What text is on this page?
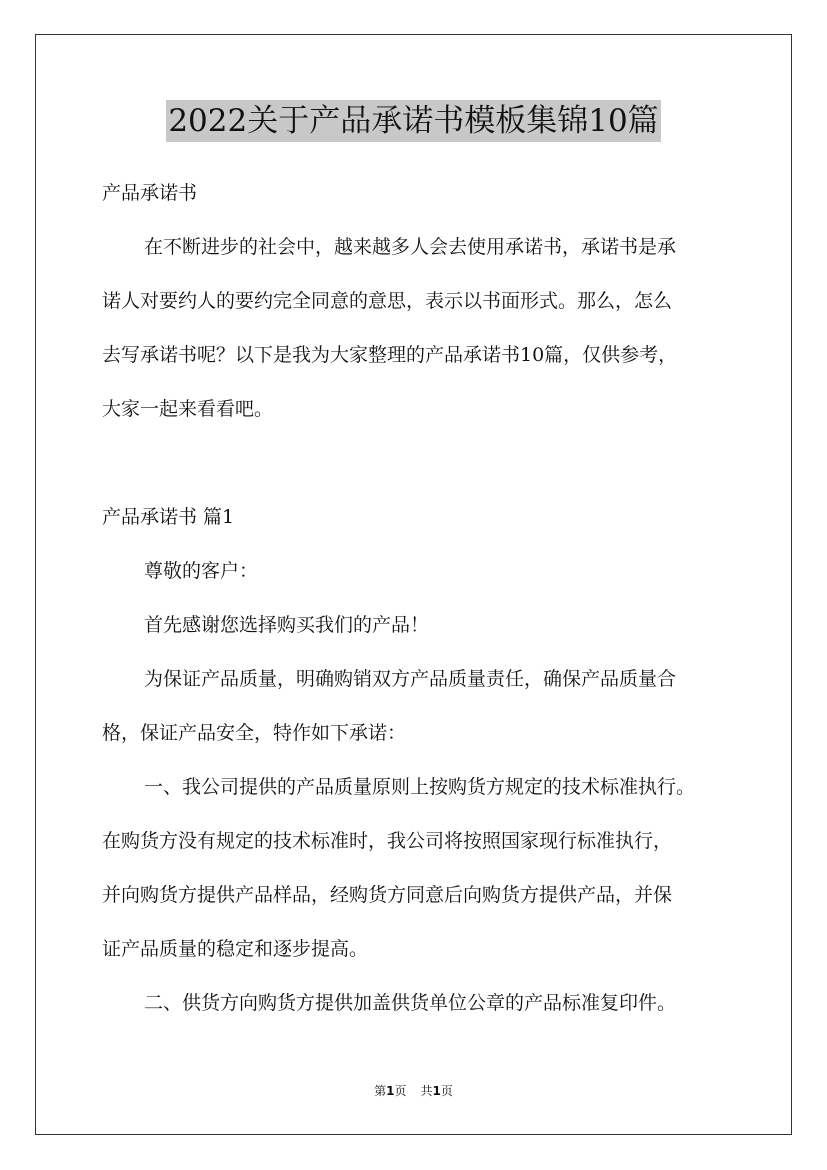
2022关于产品承诺书模板集锦10篇

产品承诺书

在不断进步的社会中，越来越多人会去使用承诺书，承诺书是承

诺人对要约人的要约完全同意的意思，表示以书面形式。那么，怎么

去写承诺书呢？以下是我为大家整理的产品承诺书10篇，仅供参考，

大家一起来看看吧。

产品承诺书 篇1

尊敬的客户：

首先感谢您选择购买我们的产品！

为保证产品质量，明确购销双方产品质量责任，确保产品质量合

格，保证产品安全，特作如下承诺：

一、我公司提供的产品质量原则上按购货方规定的技术标准执行。

在购货方没有规定的技术标准时，我公司将按照国家现行标准执行，

并向购货方提供产品样品，经购货方同意后向购货方提供产品，并保

证产品质量的稳定和逐步提高。

二、供货方向购货方提供加盖供货单位公章的产品标准复印件。

第1页 共1页
